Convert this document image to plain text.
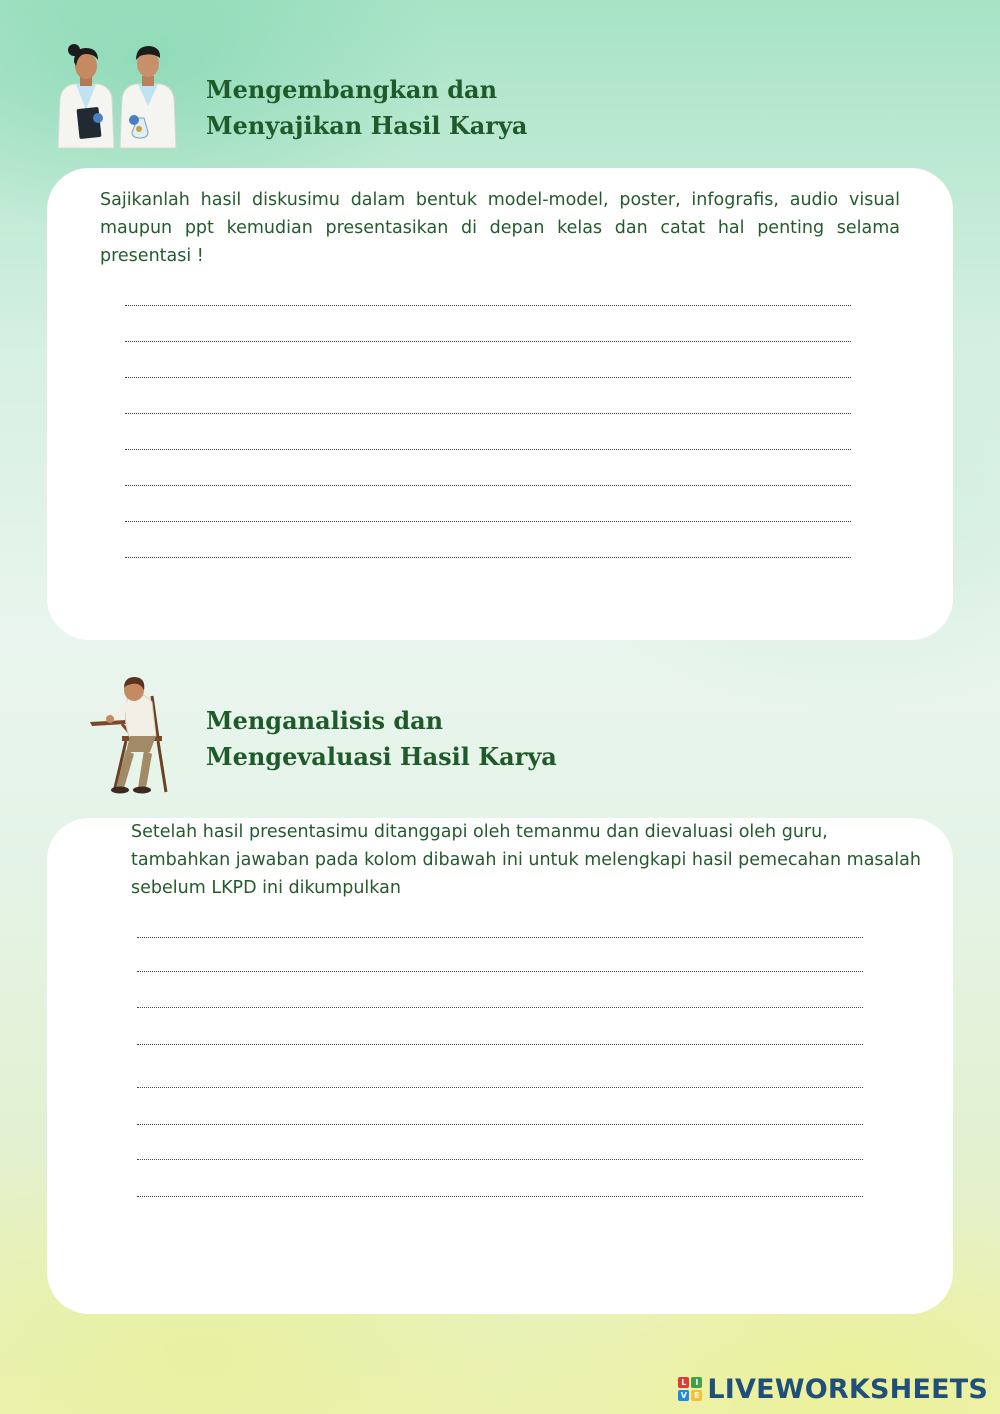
Mengembangkan dan
Menyajikan Hasil Karya

Sajikanlah hasil diskusimu dalam bentuk model-model, poster, infografis, audio visual maupun ppt kemudian presentasikan di depan kelas dan catat hal penting selama presentasi !

Menganalisis dan
Mengevaluasi Hasil Karya

Setelah hasil presentasimu ditanggapi oleh temanmu dan dievaluasi oleh guru, tambahkan jawaban pada kolom dibawah ini untuk melengkapi hasil pemecahan masalah sebelum LKPD ini dikumpulkan

L	I
V E LIVEWORKSHEETS
